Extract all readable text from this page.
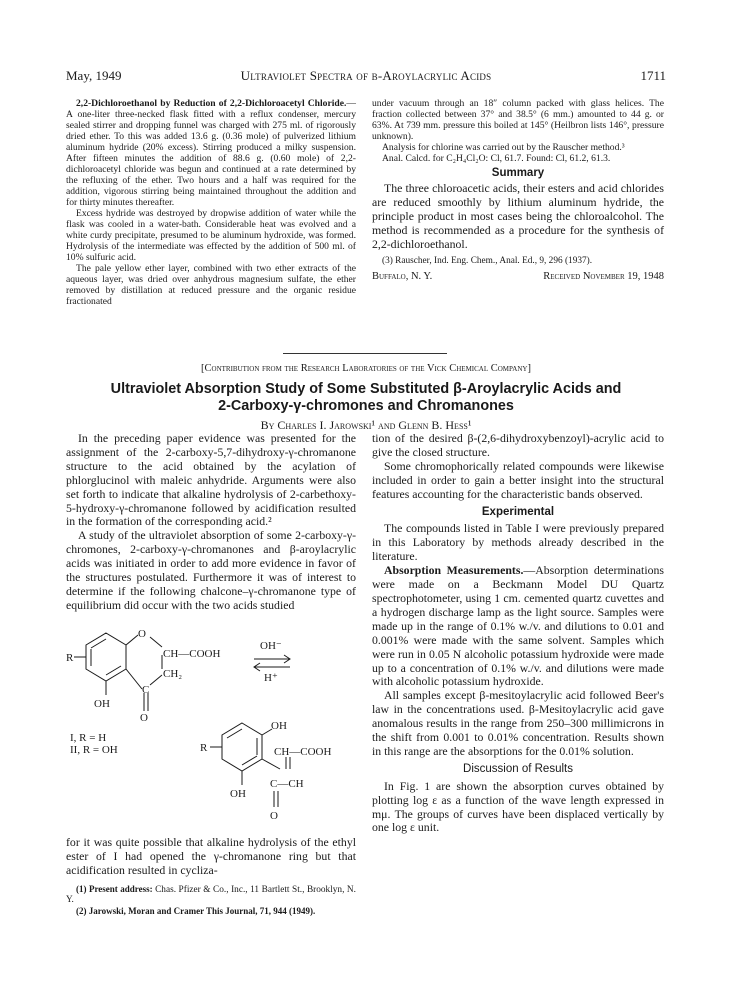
May, 1949	Ultraviolet Spectra of β-Aroylacrylic Acids	1711

2,2-Dichloroethanol by Reduction of 2,2-Dichloroacetyl Chloride.—A one-liter three-necked flask fitted with a reflux condenser, mercury sealed stirrer and dropping funnel was charged with 275 ml. of rigorously dried ether. To this was added 13.6 g. (0.36 mole) of pulverized lithium aluminum hydride (20% excess). Stirring produced a milky suspension. After fifteen minutes the addition of 88.6 g. (0.60 mole) of 2,2-dichloroacetyl chloride was begun and continued at a rate determined by the refluxing of the ether. Two hours and a half was required for the addition, vigorous stirring being maintained throughout the addition and for thirty minutes thereafter.

Excess hydride was destroyed by dropwise addition of water while the flask was cooled in a water-bath. Considerable heat was evolved and a white curdy precipitate, presumed to be aluminum hydroxide, was formed. Hydrolysis of the intermediate was effected by the addition of 500 ml. of 10% sulfuric acid.

The pale yellow ether layer, combined with two ether extracts of the aqueous layer, was dried over anhydrous magnesium sulfate, the ether removed by distillation at reduced pressure and the organic residue fractionated

under vacuum through an 18″ column packed with glass helices. The fraction collected between 37° and 38.5° (6 mm.) amounted to 44 g. or 63%. At 739 mm. pressure this boiled at 145° (Heilbron lists 146°, pressure unknown).

Analysis for chlorine was carried out by the Rauscher method.³

Anal. Calcd. for C₂H₄Cl₂O: Cl, 61.7. Found: Cl, 61.2, 61.3.

Summary

The three chloroacetic acids, their esters and acid chlorides are reduced smoothly by lithium aluminum hydride, the principle product in most cases being the chloroalcohol. The method is recommended as a procedure for the synthesis of 2,2-dichloroethanol.

(3) Rauscher, Ind. Eng. Chem., Anal. Ed., 9, 296 (1937).

Buffalo, N. Y.	Received November 19, 1948
[Contribution from the Research Laboratories of the Vick Chemical Company]
Ultraviolet Absorption Study of Some Substituted β-Aroylacrylic Acids and
2-Carboxy-γ-chromones and Chromanones
By Charles I. Jarowski¹ and Glenn B. Hess¹

In the preceding paper evidence was presented for the assignment of the 2-carboxy-5,7-dihydroxy-γ-chromanone structure to the acid obtained by the acylation of phlorglucinol with maleic anhydride. Arguments were also set forth to indicate that alkaline hydrolysis of 2-carbethoxy-5-hydroxy-γ-chromanone followed by acidification resulted in the formation of the corresponding acid.²

A study of the ultraviolet absorption of some 2-carboxy-γ-chromones, 2-carboxy-γ-chromanones and β-aroylacrylic acids was initiated in order to add more evidence in favor of the structures postulated. Furthermore it was of interest to determine if the following chalcone–γ-chromanone type of equilibrium did occur with the two acids studied

R
O
CH—COOH
CH₂
C
OH
O
OH⁻
H⁺
I, R = H
II, R = OH	R
OH
CH—COOH
C—CH
OH
O

for it was quite possible that alkaline hydrolysis of the ethyl ester of I had opened the γ-chromanone ring but that acidification resulted in cycliza-

(1) Present address: Chas. Pfizer & Co., Inc., 11 Bartlett St., Brooklyn, N. Y.

(2) Jarowski, Moran and Cramer This Journal, 71, 944 (1949).

tion of the desired β-(2,6-dihydroxybenzoyl)-acrylic acid to give the closed structure.

Some chromophorically related compounds were likewise included in order to gain a better insight into the structural features accounting for the characteristic bands observed.

Experimental

The compounds listed in Table I were previously prepared in this Laboratory by methods already described in the literature.

Absorption Measurements.—Absorption determinations were made on a Beckmann Model DU Quartz spectrophotometer, using 1 cm. cemented quartz cuvettes and a hydrogen discharge lamp as the light source. Samples were made up in the range of 0.1% w./v. and dilutions to 0.01 and 0.001% were made with the same solvent. Samples which were run in 0.05 N alcoholic potassium hydroxide were made up to a concentration of 0.1% w./v. and dilutions were made with alcoholic potassium hydroxide.

All samples except β-mesitoylacrylic acid followed Beer's law in the concentrations used. β-Mesitoylacrylic acid gave anomalous results in the range from 250–300 millimicrons in the shift from 0.001 to 0.01% concentration. Results shown in this range are the absorptions for the 0.01% solution.

Discussion of Results

In Fig. 1 are shown the absorption curves obtained by plotting log ε as a function of the wave length expressed in mμ. The groups of curves have been displaced vertically by one log ε unit.
